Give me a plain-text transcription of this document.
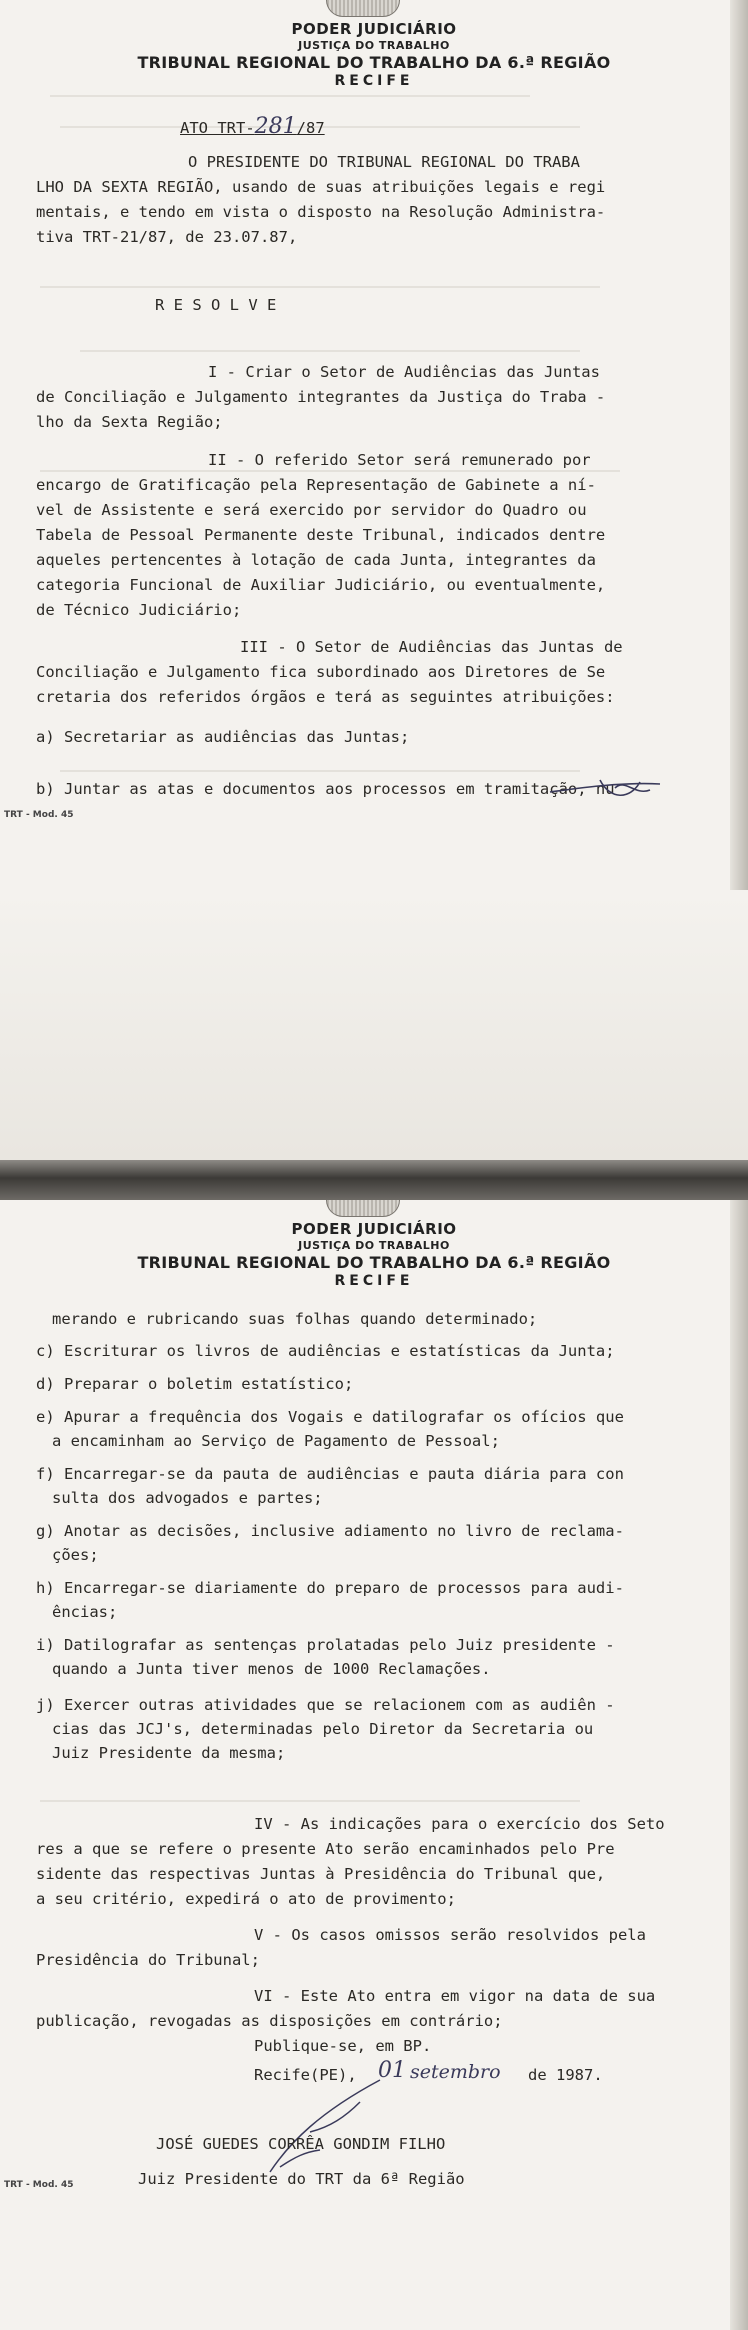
PODER JUDICIÁRIO
JUSTIÇA DO TRABALHO
TRIBUNAL REGIONAL DO TRABALHO DA 6.ª REGIÃO
RECIFE
ATO TRT-281/87
O PRESIDENTE DO TRIBUNAL REGIONAL DO TRABA
LHO DA SEXTA REGIÃO, usando de suas atribuições legais e regi
mentais, e tendo em vista o disposto na Resolução Administra-
tiva TRT-21/87, de 23.07.87,
R E S O L V E
I - Criar o Setor de Audiências das Juntas
de Conciliação e Julgamento integrantes da Justiça do Traba -
lho da Sexta Região;
II - O referido Setor será remunerado por
encargo de Gratificação pela Representação de Gabinete a ní-
vel de Assistente e será exercido por servidor do Quadro ou
Tabela de Pessoal Permanente deste Tribunal, indicados dentre
aqueles pertencentes à lotação de cada Junta, integrantes da
categoria Funcional de Auxiliar Judiciário, ou eventualmente,
de Técnico Judiciário;
III - O Setor de Audiências das Juntas de
Conciliação e Julgamento fica subordinado aos Diretores de Se
cretaria dos referidos órgãos e terá as seguintes atribuições:
a) Secretariar as audiências das Juntas;
b) Juntar as atas e documentos aos processos em tramitação, nu
TRT - Mod. 45
PODER JUDICIÁRIO
JUSTIÇA DO TRABALHO
TRIBUNAL REGIONAL DO TRABALHO DA 6.ª REGIÃO
RECIFE
merando e rubricando suas folhas quando determinado;
c) Escriturar os livros de audiências e estatísticas da Junta;
d) Preparar o boletim estatístico;
e) Apurar a frequência dos Vogais e datilografar os ofícios que
a encaminham ao Serviço de Pagamento de Pessoal;
f) Encarregar-se da pauta de audiências e pauta diária para con
sulta dos advogados e partes;
g) Anotar as decisões, inclusive adiamento no livro de reclama-
ções;
h) Encarregar-se diariamente do preparo de processos para audi-
ências;
i) Datilografar as sentenças prolatadas pelo Juiz presidente -
quando a Junta tiver menos de 1000 Reclamações.
j) Exercer outras atividades que se relacionem com as audiên -
cias das JCJ's, determinadas pelo Diretor da Secretaria ou
Juiz Presidente da mesma;
IV - As indicações para o exercício dos Seto
res a que se refere o presente Ato serão encaminhados pelo Pre
sidente das respectivas Juntas à Presidência do Tribunal que,
a seu critério, expedirá o ato de provimento;
V - Os casos omissos serão resolvidos pela
Presidência do Tribunal;
VI - Este Ato entra em vigor na data de sua
publicação, revogadas as disposições em contrário;
Publique-se, em BP.
Recife(PE), 01 setembro de 1987.
JOSÉ GUEDES CORRÊA GONDIM FILHO
Juiz Presidente do TRT da 6ª Região
TRT - Mod. 45
